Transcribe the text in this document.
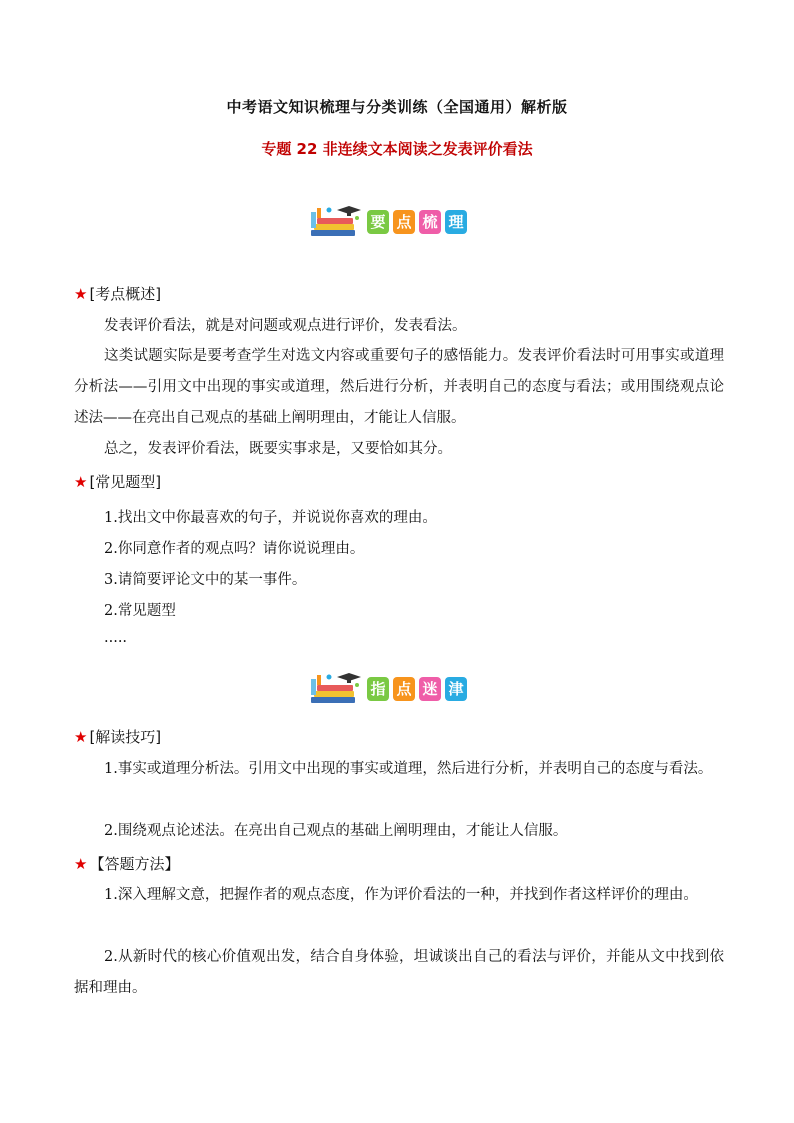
中考语文知识梳理与分类训练（全国通用）解析版
专题 22 非连续文本阅读之发表评价看法
要 点 梳 理
★ [考点概述]

发表评价看法，就是对问题或观点进行评价，发表看法。

这类试题实际是要考查学生对选文内容或重要句子的感悟能力。发表评价看法时可用事实或道理分析法——引用文中出现的事实或道理，然后进行分析，并表明自己的态度与看法；或用围绕观点论述法——在亮出自己观点的基础上阐明理由，才能让人信服。

总之，发表评价看法，既要实事求是，又要恰如其分。

★ [常见题型]
1.找出文中你最喜欢的句子，并说说你喜欢的理由。
2.你同意作者的观点吗？请你说说理由。
3.请简要评论文中的某一事件。
2.常见题型
.....
指 点 迷 津
★ [解读技巧]

1.事实或道理分析法。引用文中出现的事实或道理，然后进行分析，并表明自己的态度与看法。

2.围绕观点论述法。在亮出自己观点的基础上阐明理由，才能让人信服。

★ 【答题方法】

1.深入理解文意，把握作者的观点态度，作为评价看法的一种，并找到作者这样评价的理由。

2.从新时代的核心价值观出发，结合自身体验，坦诚谈出自己的看法与评价，并能从文中找到依据和理由。
